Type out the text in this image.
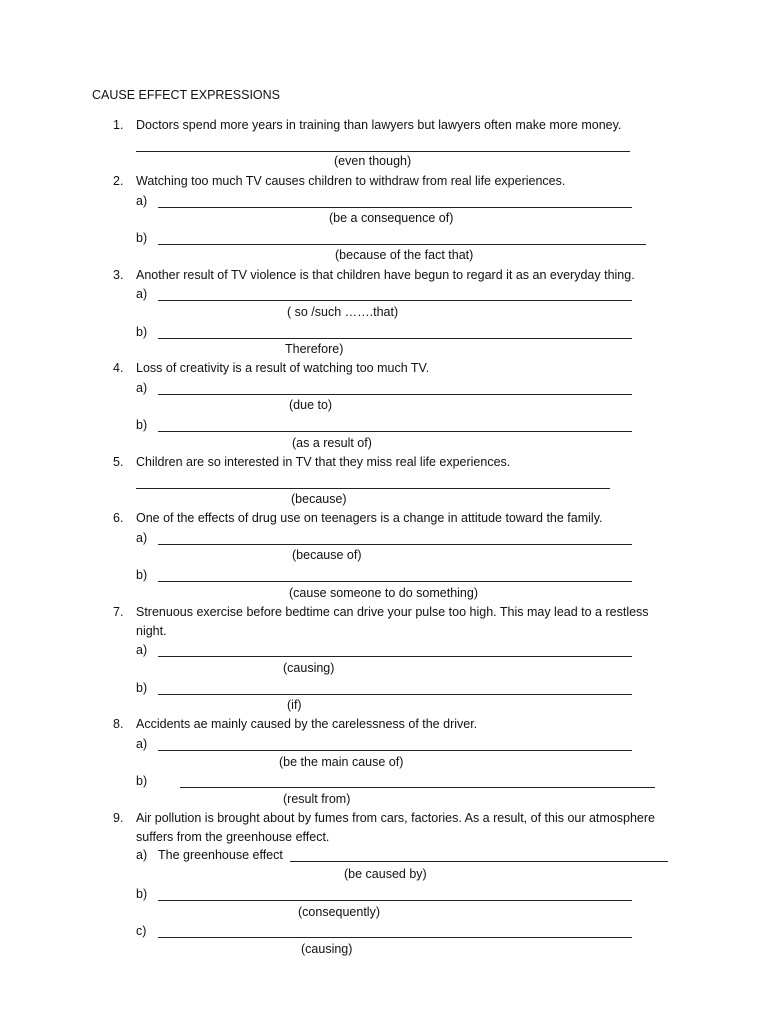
CAUSE EFFECT EXPRESSIONS
1. Doctors spend more years in training than lawyers but lawyers often make more money.
(even though)
2. Watching too much TV causes children to withdraw from real life experiences.
a)
(be a consequence of)
b)
(because of the fact that)
3. Another result of TV violence is that children have begun to regard it as an everyday thing.
a)
( so /such …….that)
b)
Therefore)
4. Loss of creativity is a result of watching too much TV.
a)
(due to)
b)
(as a result of)
5. Children are so interested in TV that they miss real life experiences.
(because)
6. One of the effects of drug use on teenagers is a change in attitude toward the family.
a)
(because of)
b)
(cause someone to do something)
7. Strenuous exercise before bedtime can drive your pulse too high. This may lead to a restless
night.
a)
(causing)
b)
(if)
8. Accidents ae mainly caused by the carelessness of the driver.
a)
(be the main cause of)
b)
(result from)
9. Air pollution is brought about by fumes from cars, factories. As a result, of this our atmosphere
suffers from the greenhouse effect.
a) The greenhouse effect
(be caused by)
b)
(consequently)
c)
(causing)
